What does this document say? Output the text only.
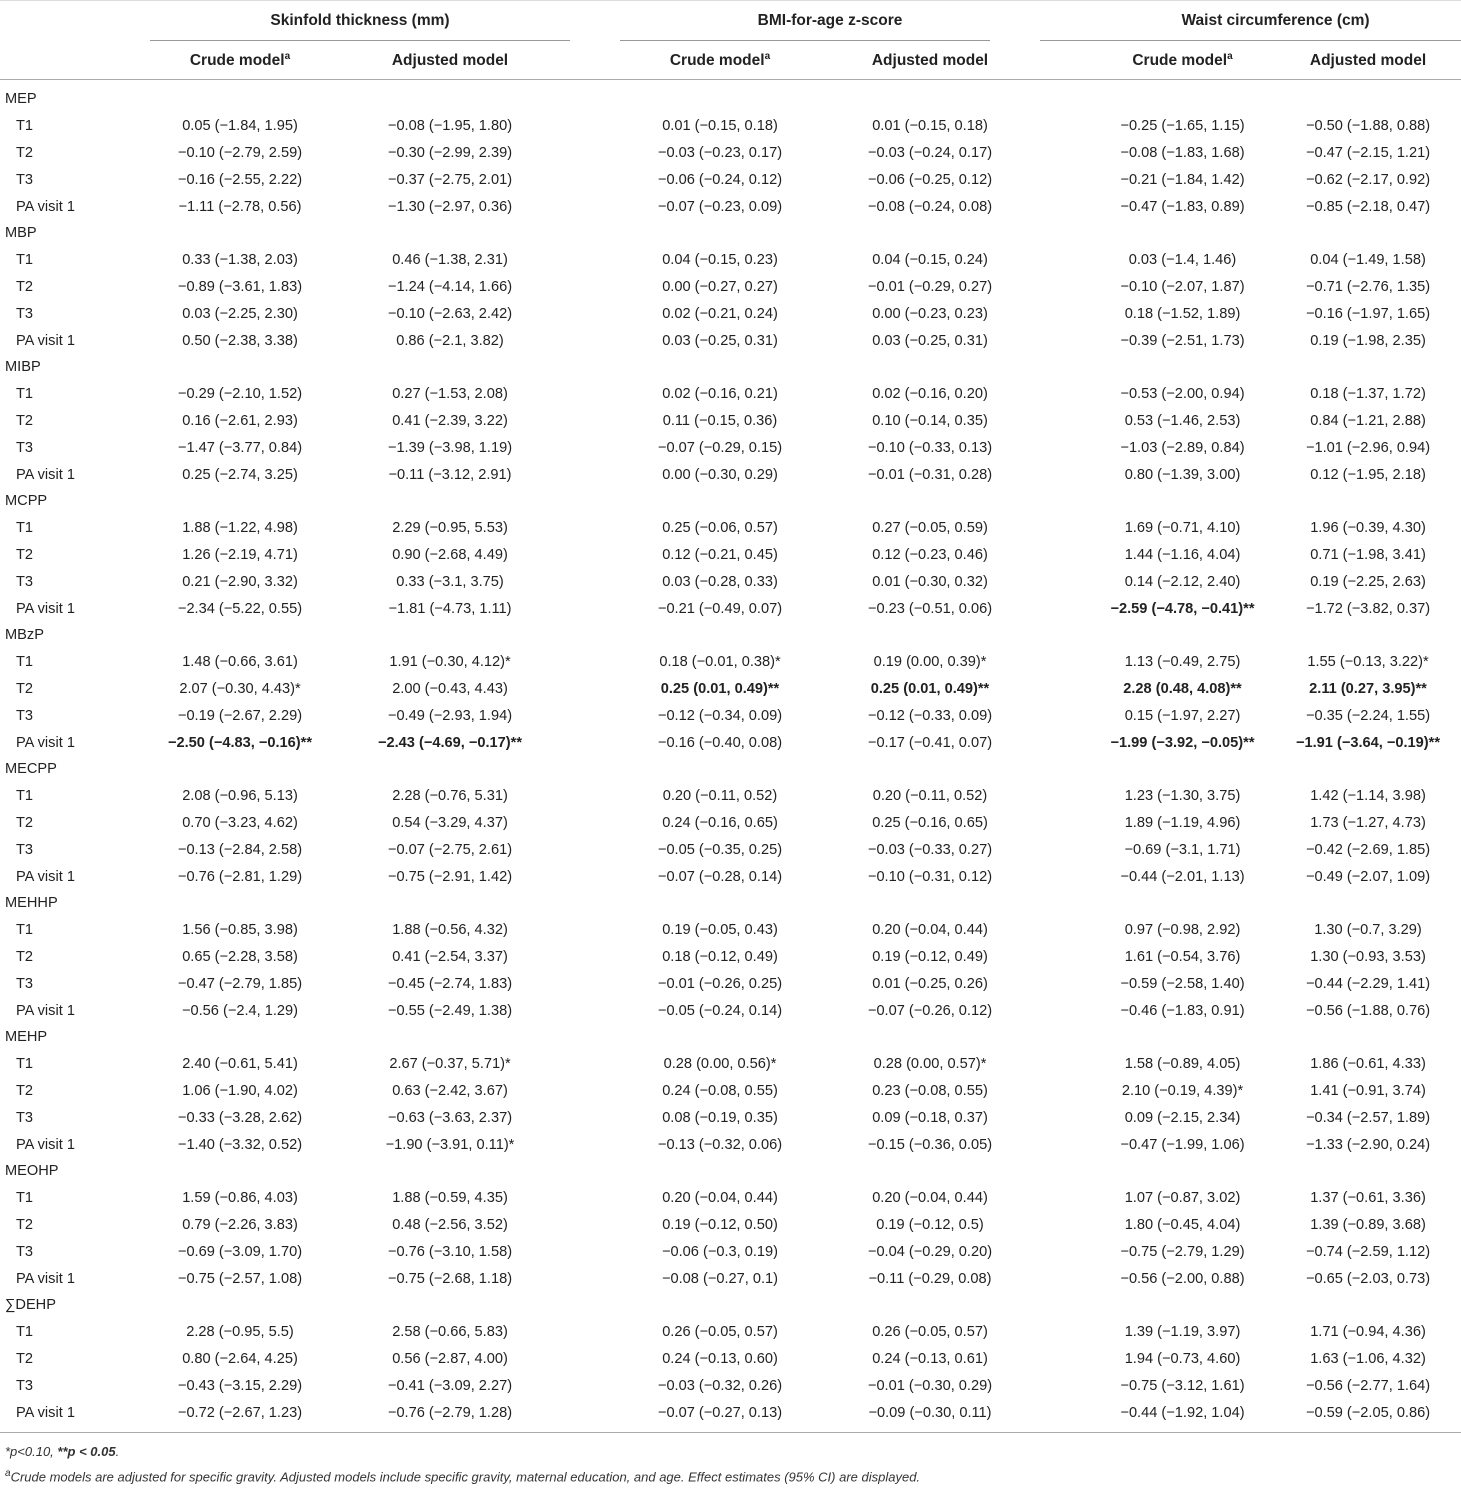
	Skinfold thickness (mm)			BMI-for-age z-score			Waist circumference (cm)	
	Crude model$^a$	Adjusted model		Crude model$^a$	Adjusted model		Crude model$^a$	Adjusted model

MEP								
T1	0.05 (−1.84, 1.95)	−0.08 (−1.95, 1.80)		0.01 (−0.15, 0.18)	0.01 (−0.15, 0.18)		−0.25 (−1.65, 1.15)	−0.50 (−1.88, 0.88)
T2	−0.10 (−2.79, 2.59)	−0.30 (−2.99, 2.39)		−0.03 (−0.23, 0.17)	−0.03 (−0.24, 0.17)		−0.08 (−1.83, 1.68)	−0.47 (−2.15, 1.21)
T3	−0.16 (−2.55, 2.22)	−0.37 (−2.75, 2.01)		−0.06 (−0.24, 0.12)	−0.06 (−0.25, 0.12)		−0.21 (−1.84, 1.42)	−0.62 (−2.17, 0.92)
PA visit 1	−1.11 (−2.78, 0.56)	−1.30 (−2.97, 0.36)		−0.07 (−0.23, 0.09)	−0.08 (−0.24, 0.08)		−0.47 (−1.83, 0.89)	−0.85 (−2.18, 0.47)
MBP								
T1	0.33 (−1.38, 2.03)	0.46 (−1.38, 2.31)		0.04 (−0.15, 0.23)	0.04 (−0.15, 0.24)		0.03 (−1.4, 1.46)	0.04 (−1.49, 1.58)
T2	−0.89 (−3.61, 1.83)	−1.24 (−4.14, 1.66)		0.00 (−0.27, 0.27)	−0.01 (−0.29, 0.27)		−0.10 (−2.07, 1.87)	−0.71 (−2.76, 1.35)
T3	0.03 (−2.25, 2.30)	−0.10 (−2.63, 2.42)		0.02 (−0.21, 0.24)	0.00 (−0.23, 0.23)		0.18 (−1.52, 1.89)	−0.16 (−1.97, 1.65)
PA visit 1	0.50 (−2.38, 3.38)	0.86 (−2.1, 3.82)		0.03 (−0.25, 0.31)	0.03 (−0.25, 0.31)		−0.39 (−2.51, 1.73)	0.19 (−1.98, 2.35)
MIBP								
T1	−0.29 (−2.10, 1.52)	0.27 (−1.53, 2.08)		0.02 (−0.16, 0.21)	0.02 (−0.16, 0.20)		−0.53 (−2.00, 0.94)	0.18 (−1.37, 1.72)
T2	0.16 (−2.61, 2.93)	0.41 (−2.39, 3.22)		0.11 (−0.15, 0.36)	0.10 (−0.14, 0.35)		0.53 (−1.46, 2.53)	0.84 (−1.21, 2.88)
T3	−1.47 (−3.77, 0.84)	−1.39 (−3.98, 1.19)		−0.07 (−0.29, 0.15)	−0.10 (−0.33, 0.13)		−1.03 (−2.89, 0.84)	−1.01 (−2.96, 0.94)
PA visit 1	0.25 (−2.74, 3.25)	−0.11 (−3.12, 2.91)		0.00 (−0.30, 0.29)	−0.01 (−0.31, 0.28)		0.80 (−1.39, 3.00)	0.12 (−1.95, 2.18)
MCPP								
T1	1.88 (−1.22, 4.98)	2.29 (−0.95, 5.53)		0.25 (−0.06, 0.57)	0.27 (−0.05, 0.59)		1.69 (−0.71, 4.10)	1.96 (−0.39, 4.30)
T2	1.26 (−2.19, 4.71)	0.90 (−2.68, 4.49)		0.12 (−0.21, 0.45)	0.12 (−0.23, 0.46)		1.44 (−1.16, 4.04)	0.71 (−1.98, 3.41)
T3	0.21 (−2.90, 3.32)	0.33 (−3.1, 3.75)		0.03 (−0.28, 0.33)	0.01 (−0.30, 0.32)		0.14 (−2.12, 2.40)	0.19 (−2.25, 2.63)
PA visit 1	−2.34 (−5.22, 0.55)	−1.81 (−4.73, 1.11)		−0.21 (−0.49, 0.07)	−0.23 (−0.51, 0.06)		−2.59 (−4.78, −0.41)**	−1.72 (−3.82, 0.37)
MBzP								
T1	1.48 (−0.66, 3.61)	1.91 (−0.30, 4.12)*		0.18 (−0.01, 0.38)*	0.19 (0.00, 0.39)*		1.13 (−0.49, 2.75)	1.55 (−0.13, 3.22)*
T2	2.07 (−0.30, 4.43)*	2.00 (−0.43, 4.43)		0.25 (0.01, 0.49)**	0.25 (0.01, 0.49)**		2.28 (0.48, 4.08)**	2.11 (0.27, 3.95)**
T3	−0.19 (−2.67, 2.29)	−0.49 (−2.93, 1.94)		−0.12 (−0.34, 0.09)	−0.12 (−0.33, 0.09)		0.15 (−1.97, 2.27)	−0.35 (−2.24, 1.55)
PA visit 1	−2.50 (−4.83, −0.16)**	−2.43 (−4.69, −0.17)**		−0.16 (−0.40, 0.08)	−0.17 (−0.41, 0.07)		−1.99 (−3.92, −0.05)**	−1.91 (−3.64, −0.19)**
MECPP								
T1	2.08 (−0.96, 5.13)	2.28 (−0.76, 5.31)		0.20 (−0.11, 0.52)	0.20 (−0.11, 0.52)		1.23 (−1.30, 3.75)	1.42 (−1.14, 3.98)
T2	0.70 (−3.23, 4.62)	0.54 (−3.29, 4.37)		0.24 (−0.16, 0.65)	0.25 (−0.16, 0.65)		1.89 (−1.19, 4.96)	1.73 (−1.27, 4.73)
T3	−0.13 (−2.84, 2.58)	−0.07 (−2.75, 2.61)		−0.05 (−0.35, 0.25)	−0.03 (−0.33, 0.27)		−0.69 (−3.1, 1.71)	−0.42 (−2.69, 1.85)
PA visit 1	−0.76 (−2.81, 1.29)	−0.75 (−2.91, 1.42)		−0.07 (−0.28, 0.14)	−0.10 (−0.31, 0.12)		−0.44 (−2.01, 1.13)	−0.49 (−2.07, 1.09)
MEHHP								
T1	1.56 (−0.85, 3.98)	1.88 (−0.56, 4.32)		0.19 (−0.05, 0.43)	0.20 (−0.04, 0.44)		0.97 (−0.98, 2.92)	1.30 (−0.7, 3.29)
T2	0.65 (−2.28, 3.58)	0.41 (−2.54, 3.37)		0.18 (−0.12, 0.49)	0.19 (−0.12, 0.49)		1.61 (−0.54, 3.76)	1.30 (−0.93, 3.53)
T3	−0.47 (−2.79, 1.85)	−0.45 (−2.74, 1.83)		−0.01 (−0.26, 0.25)	0.01 (−0.25, 0.26)		−0.59 (−2.58, 1.40)	−0.44 (−2.29, 1.41)
PA visit 1	−0.56 (−2.4, 1.29)	−0.55 (−2.49, 1.38)		−0.05 (−0.24, 0.14)	−0.07 (−0.26, 0.12)		−0.46 (−1.83, 0.91)	−0.56 (−1.88, 0.76)
MEHP								
T1	2.40 (−0.61, 5.41)	2.67 (−0.37, 5.71)*		0.28 (0.00, 0.56)*	0.28 (0.00, 0.57)*		1.58 (−0.89, 4.05)	1.86 (−0.61, 4.33)
T2	1.06 (−1.90, 4.02)	0.63 (−2.42, 3.67)		0.24 (−0.08, 0.55)	0.23 (−0.08, 0.55)		2.10 (−0.19, 4.39)*	1.41 (−0.91, 3.74)
T3	−0.33 (−3.28, 2.62)	−0.63 (−3.63, 2.37)		0.08 (−0.19, 0.35)	0.09 (−0.18, 0.37)		0.09 (−2.15, 2.34)	−0.34 (−2.57, 1.89)
PA visit 1	−1.40 (−3.32, 0.52)	−1.90 (−3.91, 0.11)*		−0.13 (−0.32, 0.06)	−0.15 (−0.36, 0.05)		−0.47 (−1.99, 1.06)	−1.33 (−2.90, 0.24)
MEOHP								
T1	1.59 (−0.86, 4.03)	1.88 (−0.59, 4.35)		0.20 (−0.04, 0.44)	0.20 (−0.04, 0.44)		1.07 (−0.87, 3.02)	1.37 (−0.61, 3.36)
T2	0.79 (−2.26, 3.83)	0.48 (−2.56, 3.52)		0.19 (−0.12, 0.50)	0.19 (−0.12, 0.5)		1.80 (−0.45, 4.04)	1.39 (−0.89, 3.68)
T3	−0.69 (−3.09, 1.70)	−0.76 (−3.10, 1.58)		−0.06 (−0.3, 0.19)	−0.04 (−0.29, 0.20)		−0.75 (−2.79, 1.29)	−0.74 (−2.59, 1.12)
PA visit 1	−0.75 (−2.57, 1.08)	−0.75 (−2.68, 1.18)		−0.08 (−0.27, 0.1)	−0.11 (−0.29, 0.08)		−0.56 (−2.00, 0.88)	−0.65 (−2.03, 0.73)
∑DEHP								
T1	2.28 (−0.95, 5.5)	2.58 (−0.66, 5.83)		0.26 (−0.05, 0.57)	0.26 (−0.05, 0.57)		1.39 (−1.19, 3.97)	1.71 (−0.94, 4.36)
T2	0.80 (−2.64, 4.25)	0.56 (−2.87, 4.00)		0.24 (−0.13, 0.60)	0.24 (−0.13, 0.61)		1.94 (−0.73, 4.60)	1.63 (−1.06, 4.32)
T3	−0.43 (−3.15, 2.29)	−0.41 (−3.09, 2.27)		−0.03 (−0.32, 0.26)	−0.01 (−0.30, 0.29)		−0.75 (−3.12, 1.61)	−0.56 (−2.77, 1.64)
PA visit 1	−0.72 (−2.67, 1.23)	−0.76 (−2.79, 1.28)		−0.07 (−0.27, 0.13)	−0.09 (−0.30, 0.11)		−0.44 (−1.92, 1.04)	−0.59 (−2.05, 0.86)
*p<0.10, **p < 0.05.
$^a$Crude models are adjusted for specific gravity. Adjusted models include specific gravity, maternal education, and age. Effect estimates (95% CI) are displayed.
